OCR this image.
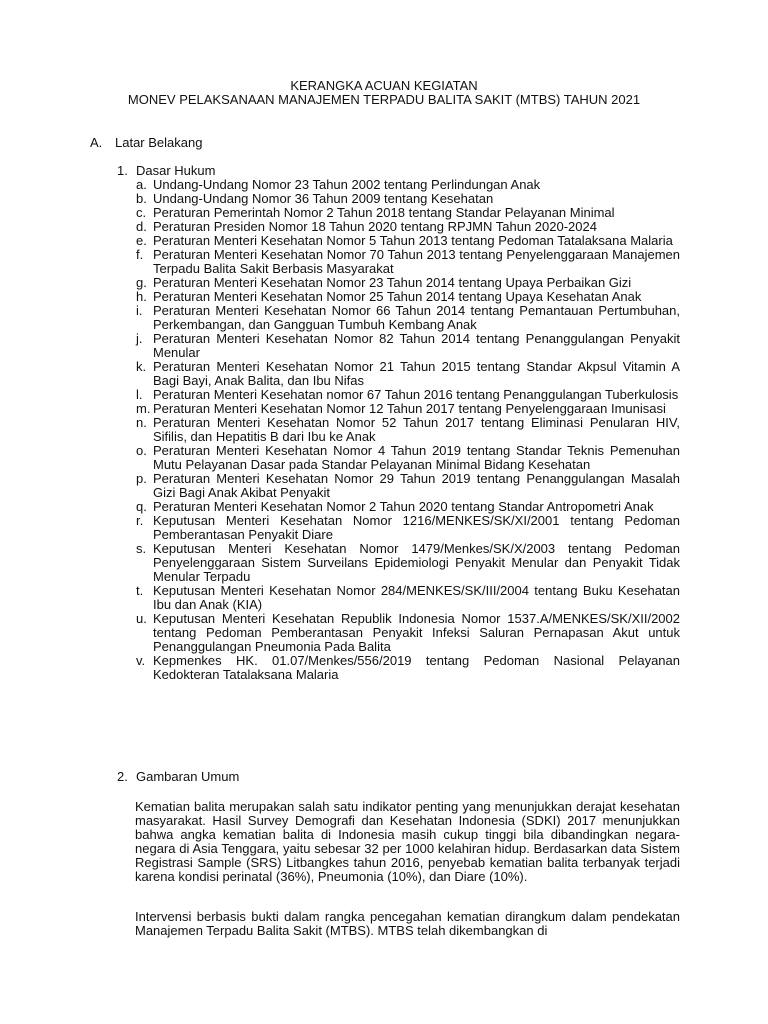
KERANGKA ACUAN KEGIATAN

MONEV PELAKSANAAN MANAJEMEN TERPADU BALITA SAKIT (MTBS) TAHUN 2021

A. Latar Belakang
1. Dasar Hukum
a. Undang-Undang Nomor 23 Tahun 2002 tentang Perlindungan Anak
b. Undang-Undang Nomor 36 Tahun 2009 tentang Kesehatan
c. Peraturan Pemerintah Nomor 2 Tahun 2018 tentang Standar Pelayanan Minimal
d. Peraturan Presiden Nomor 18 Tahun 2020 tentang RPJMN Tahun 2020-2024
e. Peraturan Menteri Kesehatan Nomor 5 Tahun 2013 tentang Pedoman Tatalaksana Malaria
f. Peraturan Menteri Kesehatan Nomor 70 Tahun 2013 tentang Penyelenggaraan Manajemen Terpadu Balita Sakit Berbasis Masyarakat
g. Peraturan Menteri Kesehatan Nomor 23 Tahun 2014 tentang Upaya Perbaikan Gizi
h. Peraturan Menteri Kesehatan Nomor 25 Tahun 2014 tentang Upaya Kesehatan Anak
i. Peraturan Menteri Kesehatan Nomor 66 Tahun 2014 tentang Pemantauan Pertumbuhan, Perkembangan, dan Gangguan Tumbuh Kembang Anak
j. Peraturan Menteri Kesehatan Nomor 82 Tahun 2014 tentang Penanggulangan Penyakit Menular
k. Peraturan Menteri Kesehatan Nomor 21 Tahun 2015 tentang Standar Akpsul Vitamin A Bagi Bayi, Anak Balita, dan Ibu Nifas
l. Peraturan Menteri Kesehatan nomor 67 Tahun 2016 tentang Penanggulangan Tuberkulosis
m. Peraturan Menteri Kesehatan Nomor 12 Tahun 2017 tentang Penyelenggaraan Imunisasi
n. Peraturan Menteri Kesehatan Nomor 52 Tahun 2017 tentang Eliminasi Penularan HIV, Sifilis, dan Hepatitis B dari Ibu ke Anak
o. Peraturan Menteri Kesehatan Nomor 4 Tahun 2019 tentang Standar Teknis Pemenuhan Mutu Pelayanan Dasar pada Standar Pelayanan Minimal Bidang Kesehatan
p. Peraturan Menteri Kesehatan Nomor 29 Tahun 2019 tentang Penanggulangan Masalah Gizi Bagi Anak Akibat Penyakit
q. Peraturan Menteri Kesehatan Nomor 2 Tahun 2020 tentang Standar Antropometri Anak
r. Keputusan Menteri Kesehatan Nomor 1216/MENKES/SK/XI/2001 tentang Pedoman Pemberantasan Penyakit Diare
s. Keputusan Menteri Kesehatan Nomor 1479/Menkes/SK/X/2003 tentang Pedoman Penyelenggaraan Sistem Surveilans Epidemiologi Penyakit Menular dan Penyakit Tidak Menular Terpadu
t. Keputusan Menteri Kesehatan Nomor 284/MENKES/SK/III/2004 tentang Buku Kesehatan Ibu dan Anak (KIA)
u. Keputusan Menteri Kesehatan Republik Indonesia Nomor 1537.A/MENKES/SK/XII/2002 tentang Pedoman Pemberantasan Penyakit Infeksi Saluran Pernapasan Akut untuk Penanggulangan Pneumonia Pada Balita
v. Kepmenkes HK. 01.07/Menkes/556/2019 tentang Pedoman Nasional Pelayanan Kedokteran Tatalaksana Malaria
2. Gambaran Umum

Kematian balita merupakan salah satu indikator penting yang menunjukkan derajat kesehatan masyarakat. Hasil Survey Demografi dan Kesehatan Indonesia (SDKI) 2017 menunjukkan bahwa angka kematian balita di Indonesia masih cukup tinggi bila dibandingkan negara-negara di Asia Tenggara, yaitu sebesar 32 per 1000 kelahiran hidup. Berdasarkan data Sistem Registrasi Sample (SRS) Litbangkes tahun 2016, penyebab kematian balita terbanyak terjadi karena kondisi perinatal (36%), Pneumonia (10%), dan Diare (10%).

Intervensi berbasis bukti dalam rangka pencegahan kematian dirangkum dalam pendekatan Manajemen Terpadu Balita Sakit (MTBS). MTBS telah dikembangkan di
